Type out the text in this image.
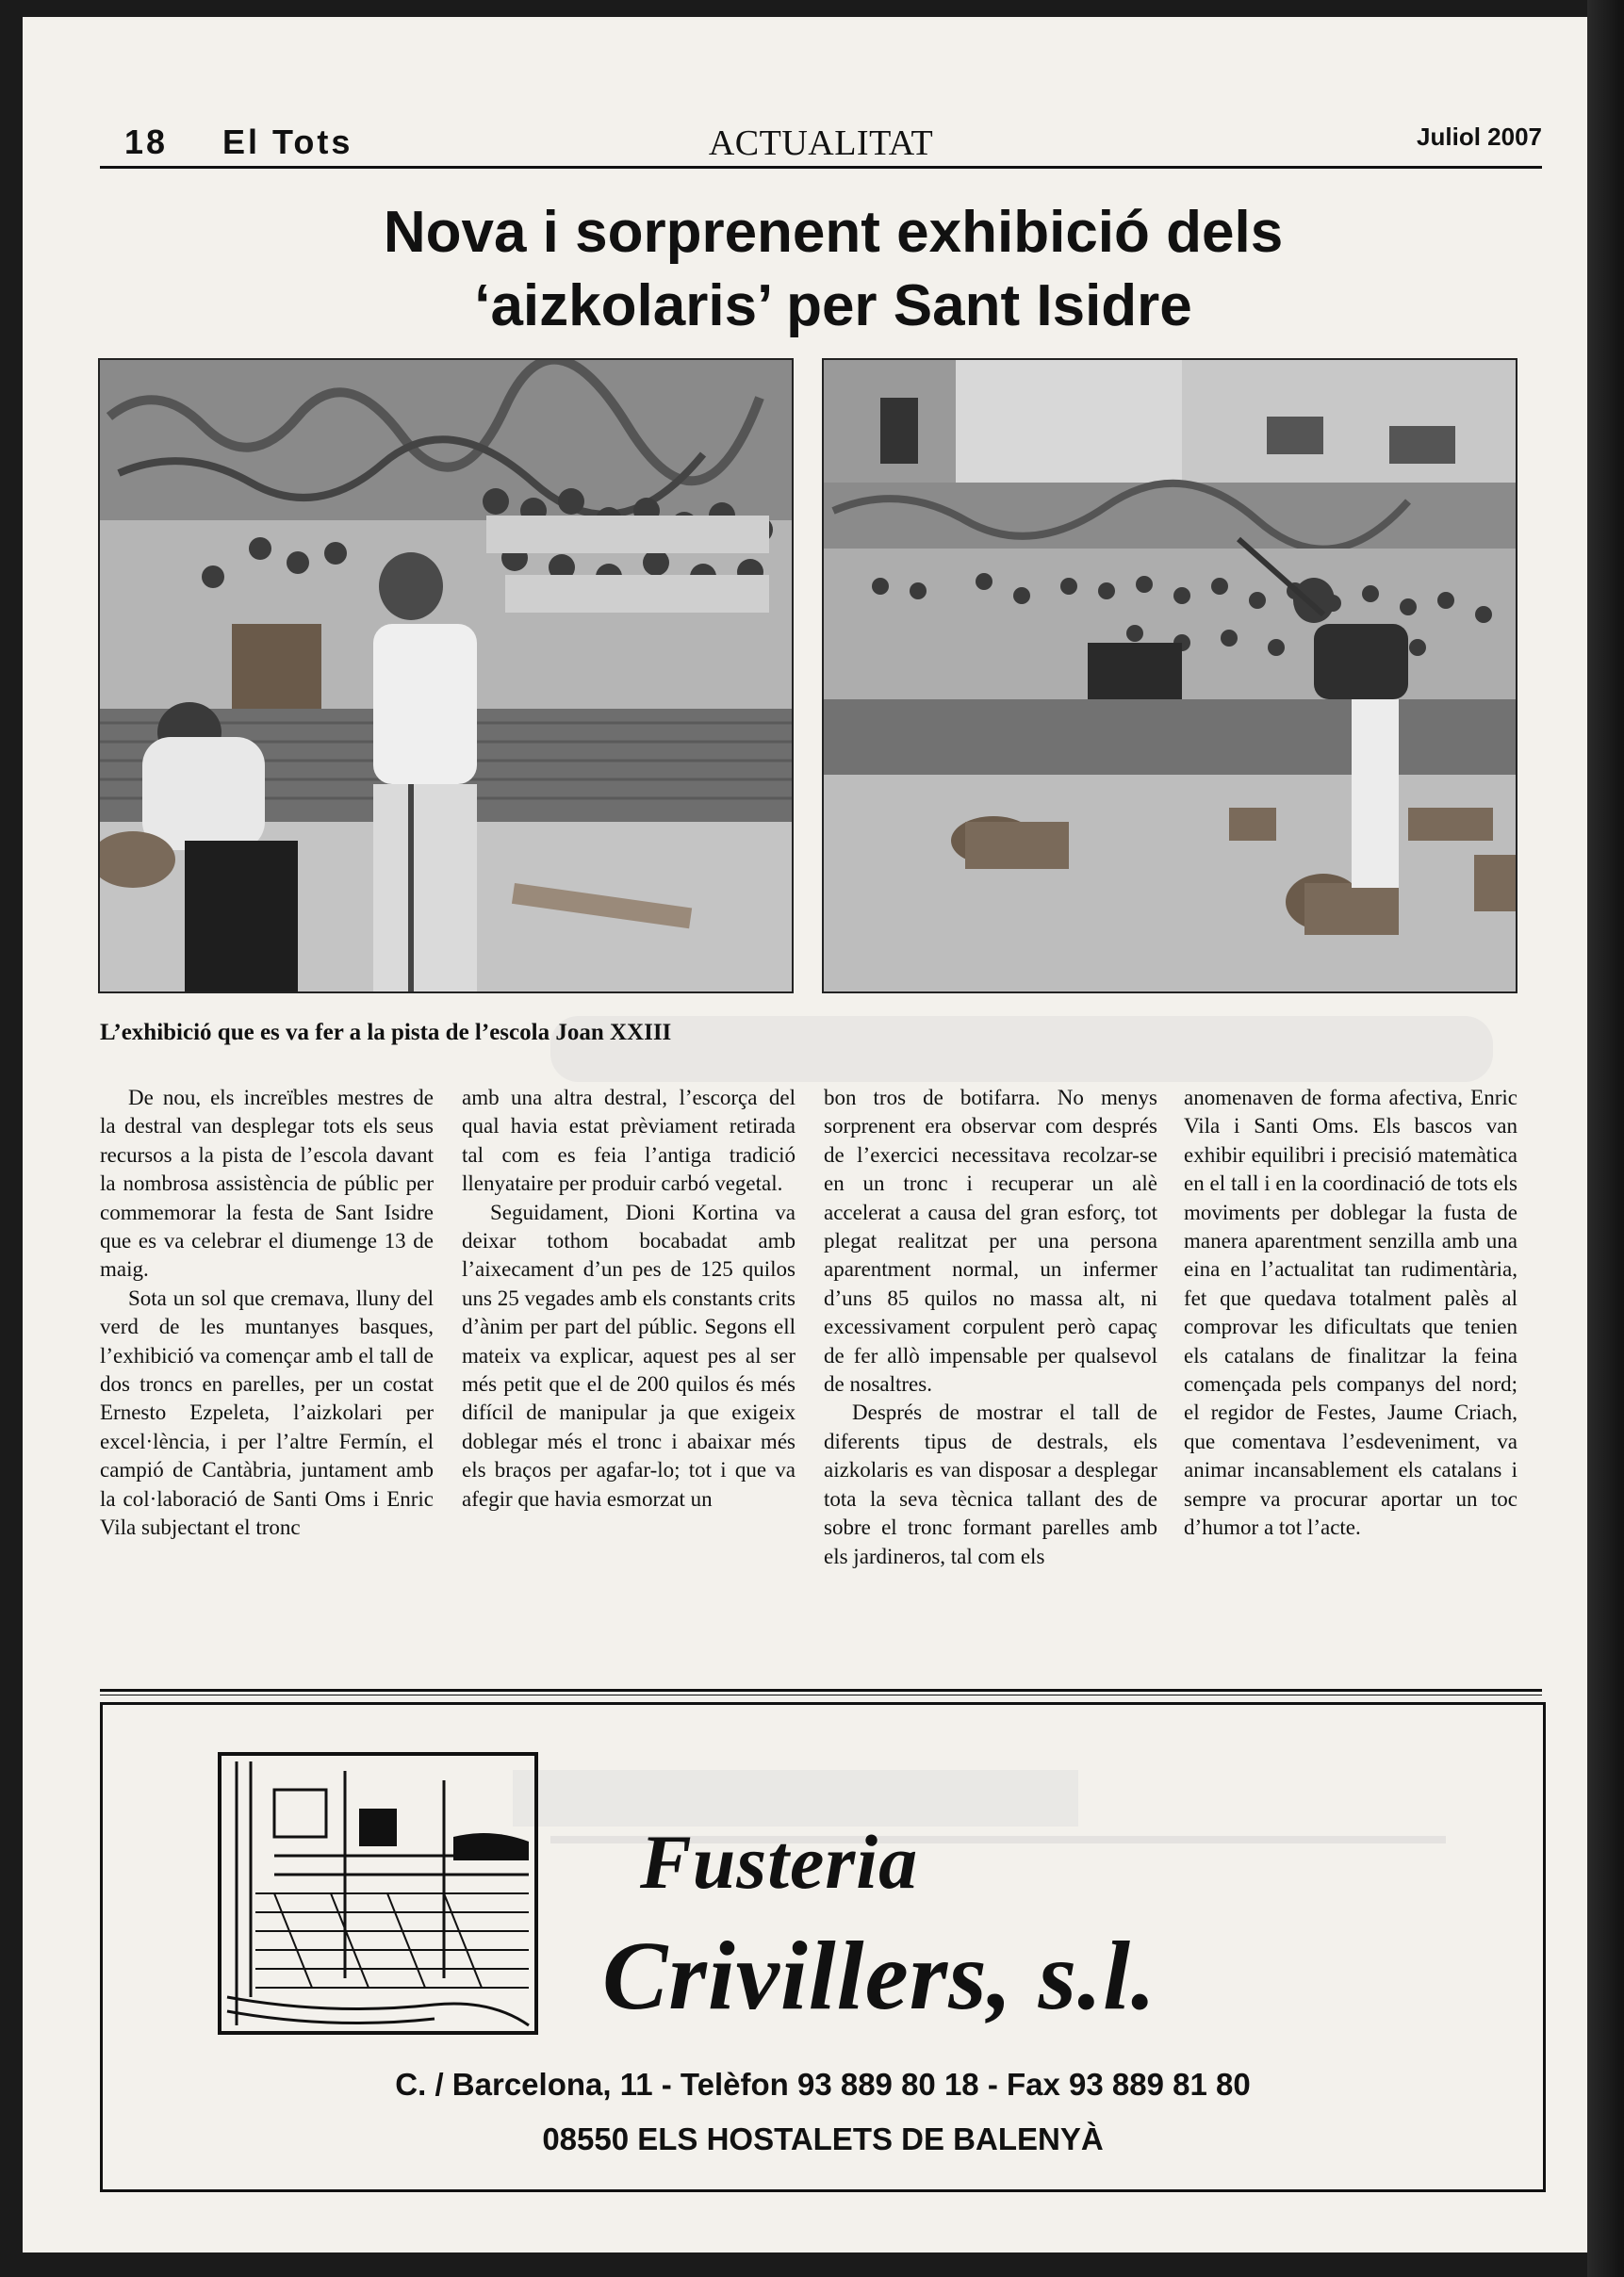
18 El Tots	ACTUALITAT	Juliol 2007
Nova i sorprenent exhibició dels
‘aizkolaris’ per Sant Isidre
L’exhibició que es va fer a la pista de l’escola Joan XXIII

De nou, els increïbles mestres de la destral van desplegar tots els seus recursos a la pista de l’escola davant la nombrosa assistència de públic per commemorar la festa de Sant Isidre que es va celebrar el diumenge 13 de maig.

Sota un sol que cremava, lluny del verd de les muntanyes basques, l’exhibició va començar amb el tall de dos troncs en parelles, per un costat Ernesto Ezpeleta, l’aizkolari per excel·lència, i per l’altre Fermín, el campió de Cantàbria, juntament amb la col·laboració de Santi Oms i Enric Vila subjectant el tronc

amb una altra destral, l’escorça del qual havia estat prèviament retirada tal com es feia l’antiga tradició llenyataire per produir carbó vegetal.

Seguidament, Dioni Kortina va deixar tothom bocabadat amb l’aixecament d’un pes de 125 quilos uns 25 vegades amb els constants crits d’ànim per part del públic. Segons ell mateix va explicar, aquest pes al ser més petit que el de 200 quilos és més difícil de manipular ja que exigeix doblegar més el tronc i abaixar més els braços per agafar-lo; tot i que va afegir que havia esmorzat un

bon tros de botifarra. No menys sorprenent era observar com després de l’exercici necessitava recolzar-se en un tronc i recuperar un alè accelerat a causa del gran esforç, tot plegat realitzat per una persona aparentment normal, un infermer d’uns 85 quilos no massa alt, ni excessivament corpulent però capaç de fer allò impensable per qualsevol de nosaltres.

Després de mostrar el tall de diferents tipus de destrals, els aizkolaris es van disposar a desplegar tota la seva tècnica tallant des de sobre el tronc formant parelles amb els jardineros, tal com els

anomenaven de forma afectiva, Enric Vila i Santi Oms. Els bascos van exhibir equilibri i precisió matemàtica en el tall i en la coordinació de tots els moviments per doblegar la fusta de manera aparentment senzilla amb una eina en l’actualitat tan rudimentària, fet que quedava totalment palès al comprovar les dificultats que tenien els catalans de finalitzar la feina començada pels companys del nord; el regidor de Festes, Jaume Criach, que comentava l’esdeveniment, va animar incansablement els catalans i sempre va procurar aportar un toc d’humor a tot l’acte.

Fusteria
Crivillers, s.l.
C. / Barcelona, 11 - Telèfon 93 889 80 18 - Fax 93 889 81 80
08550 ELS HOSTALETS DE BALENYÀ
